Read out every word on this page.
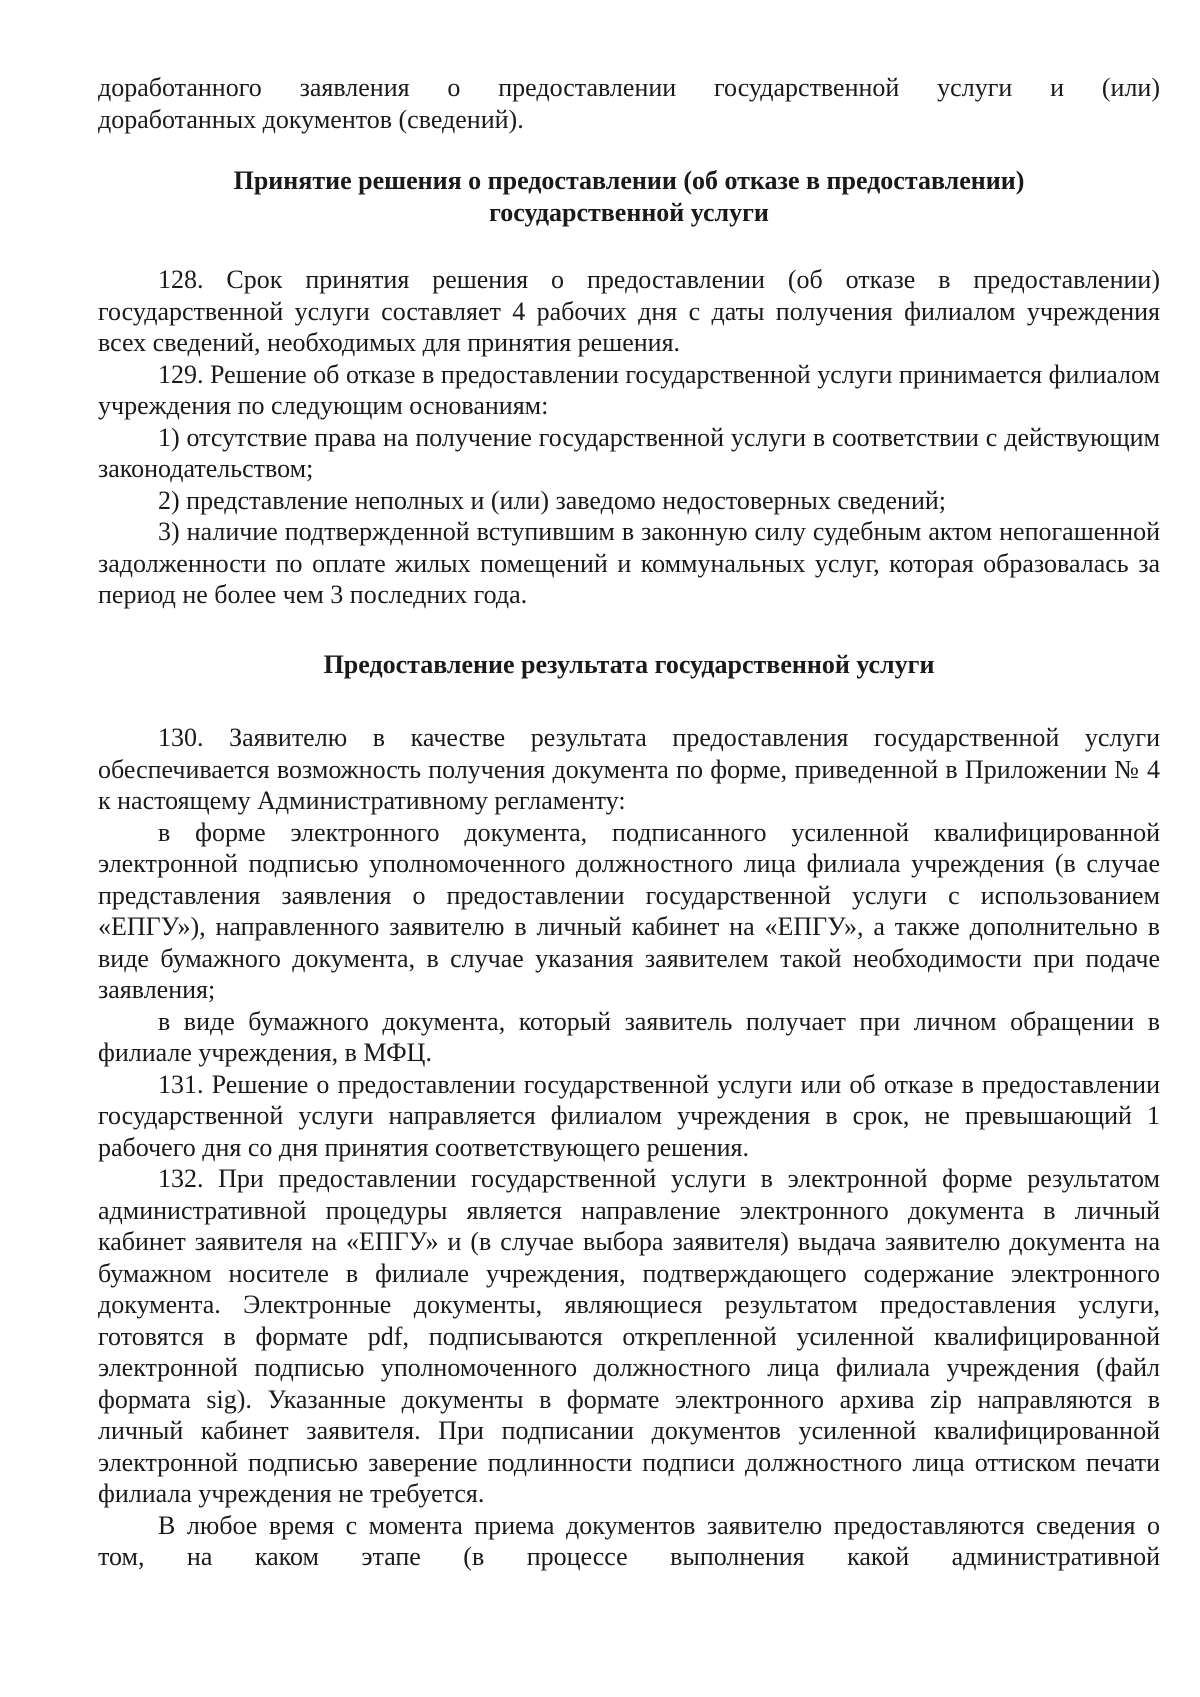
доработанного заявления о предоставлении государственной услуги и (или)

доработанных документов (сведений).

Принятие решения о предоставлении (об отказе в предоставлении)

государственной услуги

128. Срок принятия решения о предоставлении (об отказе в предоставлении) государственной услуги составляет 4 рабочих дня с даты получения филиалом учреждения всех сведений, необходимых для принятия решения.

129. Решение об отказе в предоставлении государственной услуги принимается филиалом учреждения по следующим основаниям:

1) отсутствие права на получение государственной услуги в соответствии с действующим законодательством;

2) представление неполных и (или) заведомо недостоверных сведений;

3) наличие подтвержденной вступившим в законную силу судебным актом непогашенной задолженности по оплате жилых помещений и коммунальных услуг, которая образовалась за период не более чем 3 последних года.

Предоставление результата государственной услуги

130. Заявителю в качестве результата предоставления государственной услуги обеспечивается возможность получения документа по форме, приведенной в Приложении № 4 к настоящему Административному регламенту:

в форме электронного документа, подписанного усиленной квалифицированной электронной подписью уполномоченного должностного лица филиала учреждения (в случае представления заявления о предоставлении государственной услуги с использованием «ЕПГУ»), направленного заявителю в личный кабинет на «ЕПГУ», а также дополнительно в виде бумажного документа, в случае указания заявителем такой необходимости при подаче заявления;

в виде бумажного документа, который заявитель получает при личном обращении в филиале учреждения, в МФЦ.

131. Решение о предоставлении государственной услуги или об отказе в предоставлении государственной услуги направляется филиалом учреждения в срок, не превышающий 1 рабочего дня со дня принятия соответствующего решения.

132. При предоставлении государственной услуги в электронной форме результатом административной процедуры является направление электронного документа в личный кабинет заявителя на «ЕПГУ» и (в случае выбора заявителя) выдача заявителю документа на бумажном носителе в филиале учреждения, подтверждающего содержание электронного документа. Электронные документы, являющиеся результатом предоставления услуги, готовятся в формате pdf, подписываются открепленной усиленной квалифицированной электронной подписью уполномоченного должностного лица филиала учреждения (файл формата sig). Указанные документы в формате электронного архива zip направляются в личный кабинет заявителя. При подписании документов усиленной квалифицированной электронной подписью заверение подлинности подписи должностного лица оттиском печати филиала учреждения не требуется.

В любое время с момента приема документов заявителю предоставляются сведения о том, на каком этапе (в процессе выполнения какой административной
